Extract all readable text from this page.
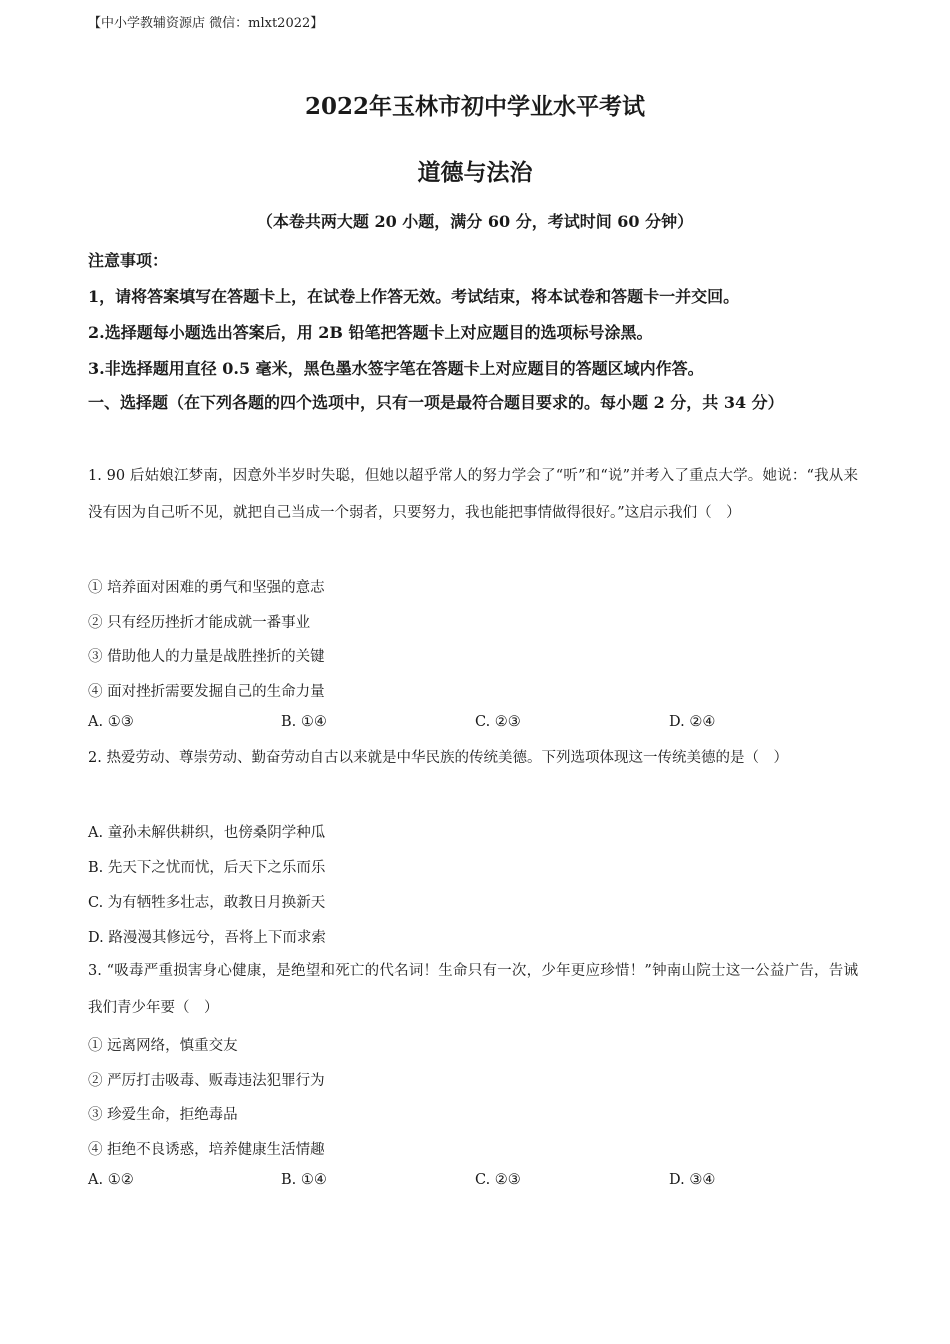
【中小学教辅资源店 微信：mlxt2022】
2022年玉林市初中学业水平考试
道德与法治
（本卷共两大题 20 小题，满分 60 分，考试时间 60 分钟）
注意事项：
1，请将答案填写在答题卡上，在试卷上作答无效。考试结束，将本试卷和答题卡一并交回。
2.选择题每小题选出答案后，用 2B 铅笔把答题卡上对应题目的选项标号涂黑。
3.非选择题用直径 0.5 毫米，黑色墨水签字笔在答题卡上对应题目的答题区域内作答。
一、选择题（在下列各题的四个选项中，只有一项是最符合题目要求的。每小题 2 分，共 34 分）
1. 90 后姑娘江梦南，因意外半岁时失聪，但她以超乎常人的努力学会了“听”和“说”并考入了重点大学。她说：“我从来没有因为自己听不见，就把自己当成一个弱者，只要努力，我也能把事情做得很好。”这启示我们（　）
① 培养面对困难的勇气和坚强的意志
② 只有经历挫折才能成就一番事业
③ 借助他人的力量是战胜挫折的关键
④ 面对挫折需要发掘自己的生命力量
A. ①③	B. ①④	C. ②③	D. ②④
2. 热爱劳动、尊崇劳动、勤奋劳动自古以来就是中华民族的传统美德。下列选项体现这一传统美德的是（　）
A. 童孙未解供耕织，也傍桑阴学种瓜
B. 先天下之忧而忧，后天下之乐而乐
C. 为有牺牲多壮志，敢教日月换新天
D. 路漫漫其修远兮，吾将上下而求索
3. “吸毒严重损害身心健康，是绝望和死亡的代名词！生命只有一次，少年更应珍惜！”钟南山院士这一公益广告，告诫我们青少年要（　）
① 远离网络，慎重交友
② 严厉打击吸毒、贩毒违法犯罪行为
③ 珍爱生命，拒绝毒品
④ 拒绝不良诱惑，培养健康生活情趣
A. ①②	B. ①④	C. ②③	D. ③④
